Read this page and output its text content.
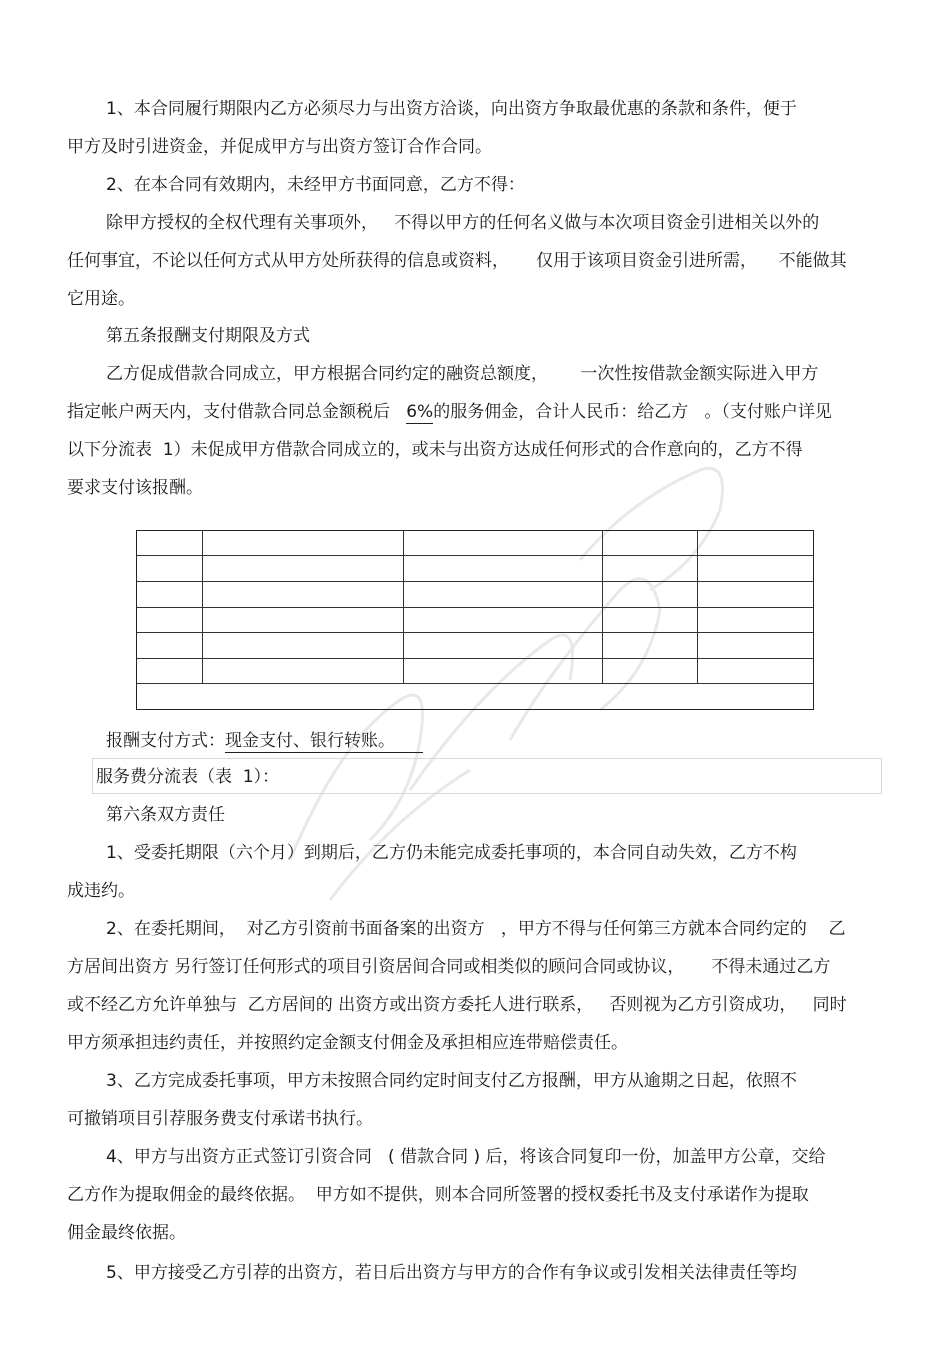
1、本合同履行期限内乙方必须尽力与出资方洽谈，向出资方争取最优惠的条款和条件，便于
甲方及时引进资金，并促成甲方与出资方签订合作合同。
2、在本合同有效期内，未经甲方书面同意，乙方不得：
除甲方授权的全权代理有关事项外，   不得以甲方的任何名义做与本次项目资金引进相关以外的
任何事宜，不论以任何方式从甲方处所获得的信息或资料，     仅用于该项目资金引进所需，    不能做其
它用途。
第五条报酬支付期限及方式
乙方促成借款合同成立，甲方根据合同约定的融资总额度，      一次性按借款金额实际进入甲方
指定帐户两天内，支付借款合同总金额税后   6%的服务佣金，合计人民币：给乙方   。（支付账户详见
以下分流表  1）未促成甲方借款合同成立的，或未与出资方达成任何形式的合作意向的，乙方不得
要求支付该报酬。
报酬支付方式：现金支付、银行转账。
服务费分流表（表  1）：
第六条双方责任
1、受委托期限（六个月）到期后，乙方仍未能完成委托事项的，本合同自动失效，乙方不构
成违约。
2、在委托期间，  对乙方引资前书面备案的出资方   ，甲方不得与任何第三方就本合同约定的    乙
方居间出资方 另行签订任何形式的项目引资居间合同或相类似的顾问合同或协议，     不得未通过乙方
或不经乙方允许单独与  乙方居间的 出资方或出资方委托人进行联系，   否则视为乙方引资成功，   同时
甲方须承担违约责任，并按照约定金额支付佣金及承担相应连带赔偿责任。
3、乙方完成委托事项，甲方未按照合同约定时间支付乙方报酬，甲方从逾期之日起，依照不
可撤销项目引荐服务费支付承诺书执行。
4、甲方与出资方正式签订引资合同   ( 借款合同 ) 后，将该合同复印一份，加盖甲方公章，交给
乙方作为提取佣金的最终依据。  甲方如不提供，则本合同所签署的授权委托书及支付承诺作为提取
佣金最终依据。
5、甲方接受乙方引荐的出资方，若日后出资方与甲方的合作有争议或引发相关法律责任等均
